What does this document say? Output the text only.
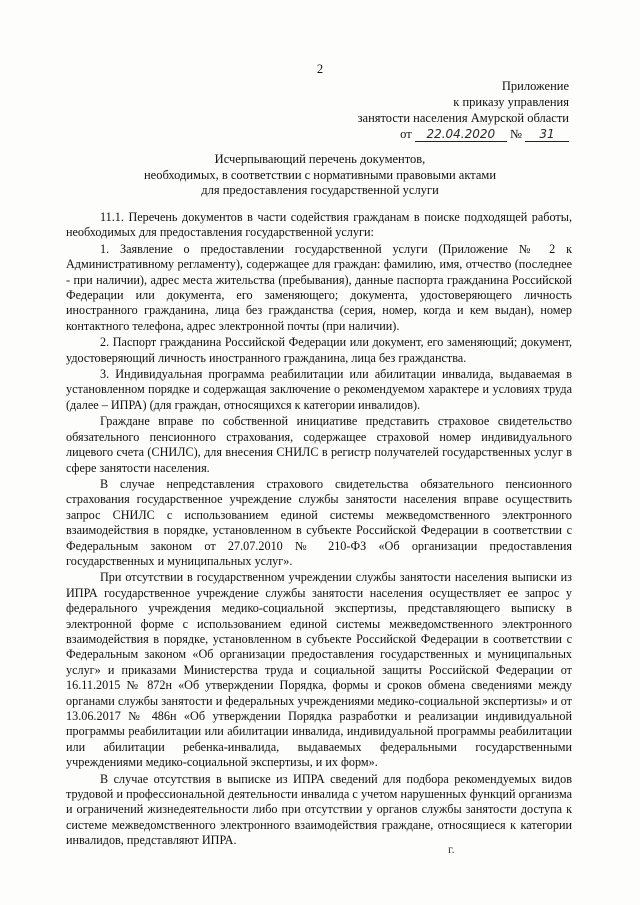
2
Приложение
к приказу управления
занятости населения Амурской области
от 22.04.2020 № 31
Исчерпывающий перечень документов,
необходимых, в соответствии с нормативными правовыми актами
для предоставления государственной услуги

11.1. Перечень документов в части содействия гражданам в поиске подходящей работы, необходимых для предоставления государственной услуги:

1. Заявление о предоставлении государственной услуги (Приложение № 2 к Административному регламенту), содержащее для граждан: фамилию, имя, отчество (последнее - при наличии), адрес места жительства (пребывания), данные паспорта гражданина Российской Федерации или документа, его заменяющего; документа, удостоверяющего личность иностранного гражданина, лица без гражданства (серия, номер, когда и кем выдан), номер контактного телефона, адрес электронной почты (при наличии).

2. Паспорт гражданина Российской Федерации или документ, его заменяющий; документ, удостоверяющий личность иностранного гражданина, лица без гражданства.

3. Индивидуальная программа реабилитации или абилитации инвалида, выдаваемая в установленном порядке и содержащая заключение о рекомендуемом характере и условиях труда (далее – ИПРА) (для граждан, относящихся к категории инвалидов).

Граждане вправе по собственной инициативе представить страховое свидетельство обязательного пенсионного страхования, содержащее страховой номер индивидуального лицевого счета (СНИЛС), для внесения СНИЛС в регистр получателей государственных услуг в сфере занятости населения.

В случае непредставления страхового свидетельства обязательного пенсионного страхования государственное учреждение службы занятости населения вправе осуществить запрос СНИЛС с использованием единой системы межведомственного электронного взаимодействия в порядке, установленном в субъекте Российской Федерации в соответствии с Федеральным законом от 27.07.2010 № 210-ФЗ «Об организации предоставления государственных и муниципальных услуг».

При отсутствии в государственном учреждении службы занятости населения выписки из ИПРА государственное учреждение службы занятости населения осуществляет ее запрос у федерального учреждения медико-социальной экспертизы, представляющего выписку в электронной форме с использованием единой системы межведомственного электронного взаимодействия в порядке, установленном в субъекте Российской Федерации в соответствии с Федеральным законом «Об организации предоставления государственных и муниципальных услуг» и приказами Министерства труда и социальной защиты Российской Федерации от 16.11.2015 № 872н «Об утверждении Порядка, формы и сроков обмена сведениями между органами службы занятости и федеральных учреждениями медико-социальной экспертизы» и от 13.06.2017 № 486н «Об утверждении Порядка разработки и реализации индивидуальной программы реабилитации или абилитации инвалида, индивидуальной программы реабилитации или абилитации ребенка-инвалида, выдаваемых федеральными государственными учреждениями медико-социальной экспертизы, и их форм».

В случае отсутствия в выписке из ИПРА сведений для подбора рекомендуемых видов трудовой и профессиональной деятельности инвалида с учетом нарушенных функций организма и ограничений жизнедеятельности либо при отсутствии у органов службы занятости доступа к системе межведомственного электронного взаимодействия граждане, относящиеся к категории инвалидов, представляют ИПРА.

г.
